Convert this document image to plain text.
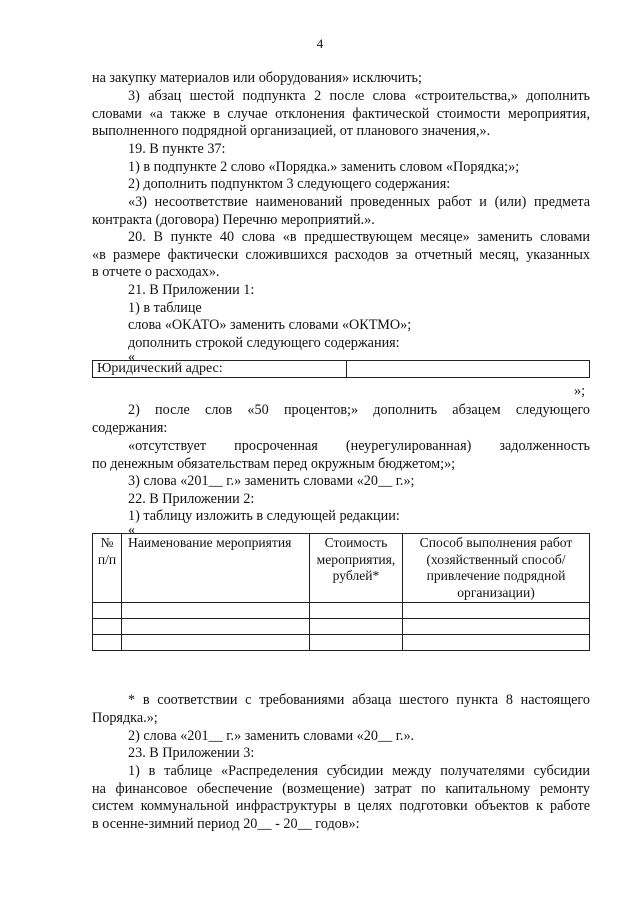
4
на закупку материалов или оборудования» исключить;
3) абзац шестой подпункта 2 после слова «строительства,» дополнить
словами «а также в случае отклонения фактической стоимости мероприятия,
выполненного подрядной организацией, от планового значения,».
19. В пункте 37:
1) в подпункте 2 слово «Порядка.» заменить словом «Порядка;»;
2) дополнить подпунктом 3 следующего содержания:
«3) несоответствие наименований проведенных работ и (или) предмета
контракта (договора) Перечню мероприятий.».
20. В пункте 40 слова «в предшествующем месяце» заменить словами
«в размере фактически сложившихся расходов за отчетный месяц, указанных
в отчете о расходах».
21. В Приложении 1:
1) в таблице
слова «ОКАТО» заменить словами «ОКТМО»;
дополнить строкой следующего содержания:
«
Юридический адрес:	
»;
2) после слов «50 процентов;» дополнить абзацем следующего
содержания:
«отсутствует просроченная (неурегулированная) задолженность
по денежным обязательствам перед окружным бюджетом;»;
3) слова «201__ г.» заменить словами «20__ г.»;
22. В Приложении 2:
1) таблицу изложить в следующей редакции:
«
№ п/п	Наименование мероприятия	Стоимость мероприятия, рублей*	Способ выполнения работ (хозяйственный способ/ привлечение подрядной организации)

* в соответствии с требованиями абзаца шестого пункта 8 настоящего
Порядка.»;
2) слова «201__ г.» заменить словами «20__ г.».
23. В Приложении 3:
1) в таблице «Распределения субсидии между получателями субсидии
на финансовое обеспечение (возмещение) затрат по капитальному ремонту
систем коммунальной инфраструктуры в целях подготовки объектов к работе
в осенне-зимний период 20__ - 20__ годов»:
